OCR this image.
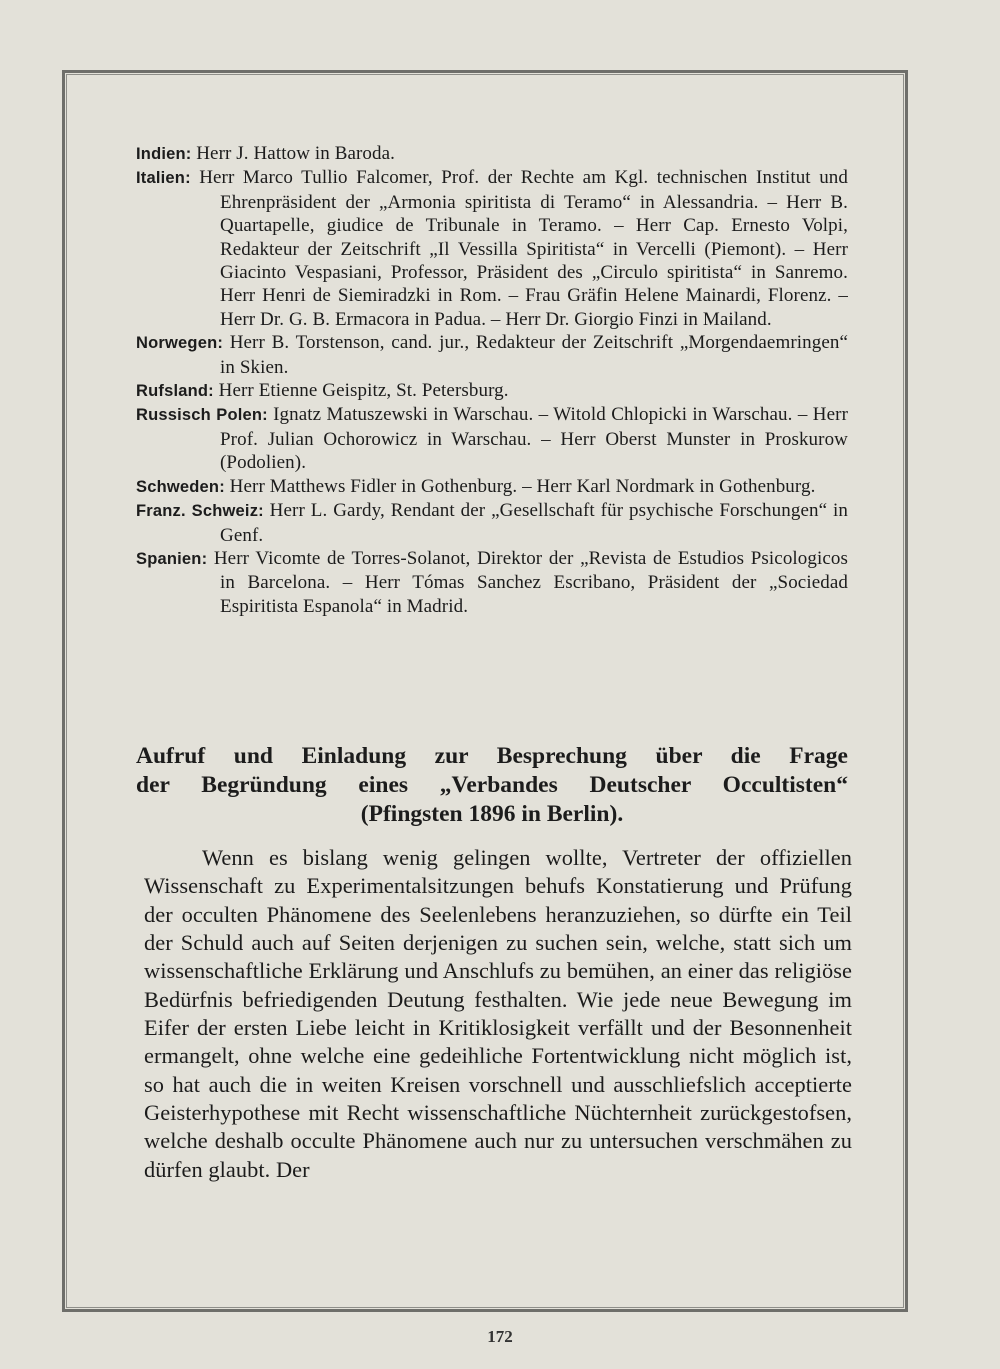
Indien: Herr J. Hattow in Baroda.

Italien: Herr Marco Tullio Falcomer, Prof. der Rechte am Kgl. technischen Institut und Ehrenpräsident der „Armonia spiritista di Teramo“ in Alessandria. – Herr B. Quartapelle, giudice de Tribunale in Teramo. – Herr Cap. Ernesto Volpi, Redakteur der Zeitschrift „Il Vessilla Spiritista“ in Vercelli (Piemont). – Herr Giacinto Vespasiani, Professor, Präsident des „Circulo spiritista“ in Sanremo. Herr Henri de Siemiradzki in Rom. – Frau Gräfin Helene Mainardi, Florenz. – Herr Dr. G. B. Ermacora in Padua. – Herr Dr. Giorgio Finzi in Mailand.

Norwegen: Herr B. Torstenson, cand. jur., Redakteur der Zeitschrift „Morgendaemringen“ in Skien.

Rufsland: Herr Etienne Geispitz, St. Petersburg.

Russisch Polen: Ignatz Matuszewski in Warschau. – Witold Chlopicki in Warschau. – Herr Prof. Julian Ochorowicz in Warschau. – Herr Oberst Munster in Proskurow (Podolien).

Schweden: Herr Matthews Fidler in Gothenburg. – Herr Karl Nordmark in Gothenburg.

Franz. Schweiz: Herr L. Gardy, Rendant der „Gesellschaft für psychische Forschungen“ in Genf.

Spanien: Herr Vicomte de Torres-Solanot, Direktor der „Revista de Estudios Psicologicos in Barcelona. – Herr Tómas Sanchez Escribano, Präsident der „Sociedad Espiritista Espanola“ in Madrid.

Aufruf und Einladung zur Besprechung über die Frage
der Begründung eines „Verbandes Deutscher Occultisten“
(Pfingsten 1896 in Berlin).

Wenn es bislang wenig gelingen wollte, Vertreter der offiziellen Wissenschaft zu Experimentalsitzungen behufs Konstatierung und Prüfung der occulten Phänomene des Seelenlebens heranzuziehen, so dürfte ein Teil der Schuld auch auf Seiten derjenigen zu suchen sein, welche, statt sich um wissenschaftliche Erklärung und Anschlufs zu bemühen, an einer das religiöse Bedürfnis befriedigenden Deutung festhalten. Wie jede neue Bewegung im Eifer der ersten Liebe leicht in Kritiklosigkeit verfällt und der Besonnenheit ermangelt, ohne welche eine gedeihliche Fortentwicklung nicht möglich ist, so hat auch die in weiten Kreisen vorschnell und ausschliefslich acceptierte Geisterhypothese mit Recht wissenschaftliche Nüchternheit zurückgestofsen, welche deshalb occulte Phänomene auch nur zu untersuchen verschmähen zu dürfen glaubt. Der

172
